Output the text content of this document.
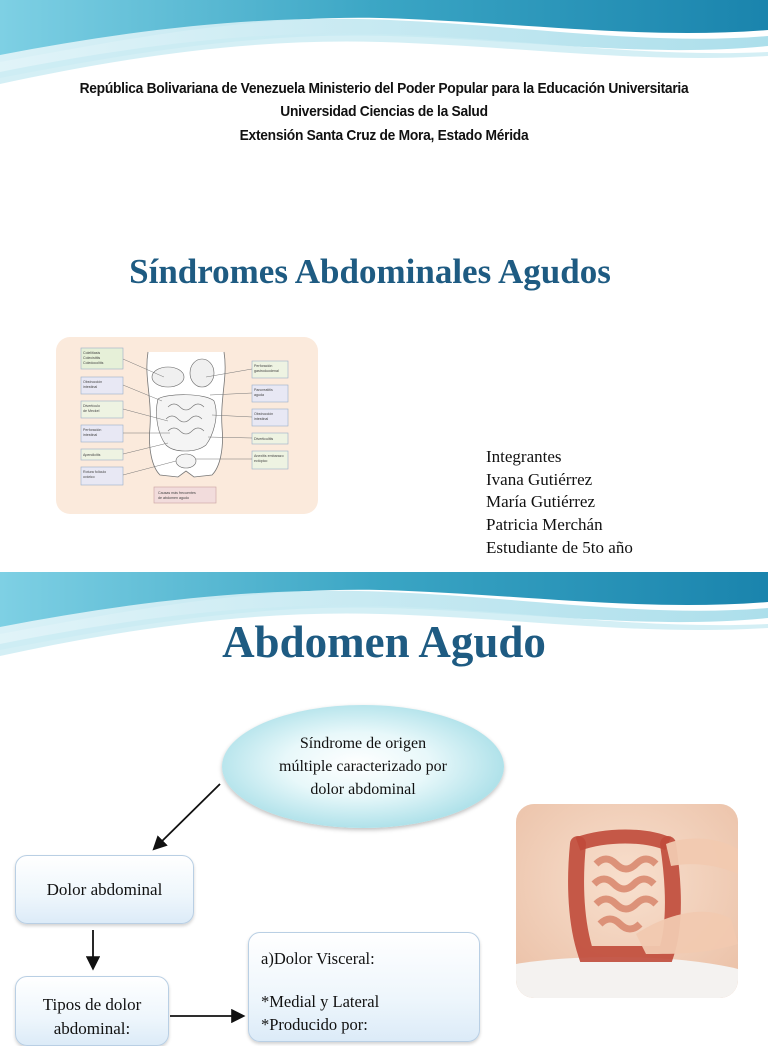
República Bolivariana de Venezuela Ministerio del Poder Popular para la Educación Universitaria
Universidad Ciencias de la Salud
Extensión Santa Cruz de Mora, Estado Mérida
Síndromes Abdominales Agudos
Colelitiasis
Colecistitis
Coledocolitis
Obstrucción
intestinal
Divertículo
de Meckel
Perforación
intestinal
Apendicitis
Rotura folículo
ovárico
Perforación
gastroduodenal
Pancreatitis
aguda
Obstrucción
intestinal
Diverticulitis
Anexitis embarazo
ectópico
Causas más frecuentes
de abdomen agudo
Integrantes
Ivana Gutiérrez
María Gutiérrez
Patricia Merchán
Estudiante de 5to año
Abdomen Agudo
Síndrome de origen múltiple caracterizado por dolor abdominal
Dolor abdominal
Tipos de dolor abdominal:
a)Dolor Visceral:
*Medial y Lateral
*Producido por:
